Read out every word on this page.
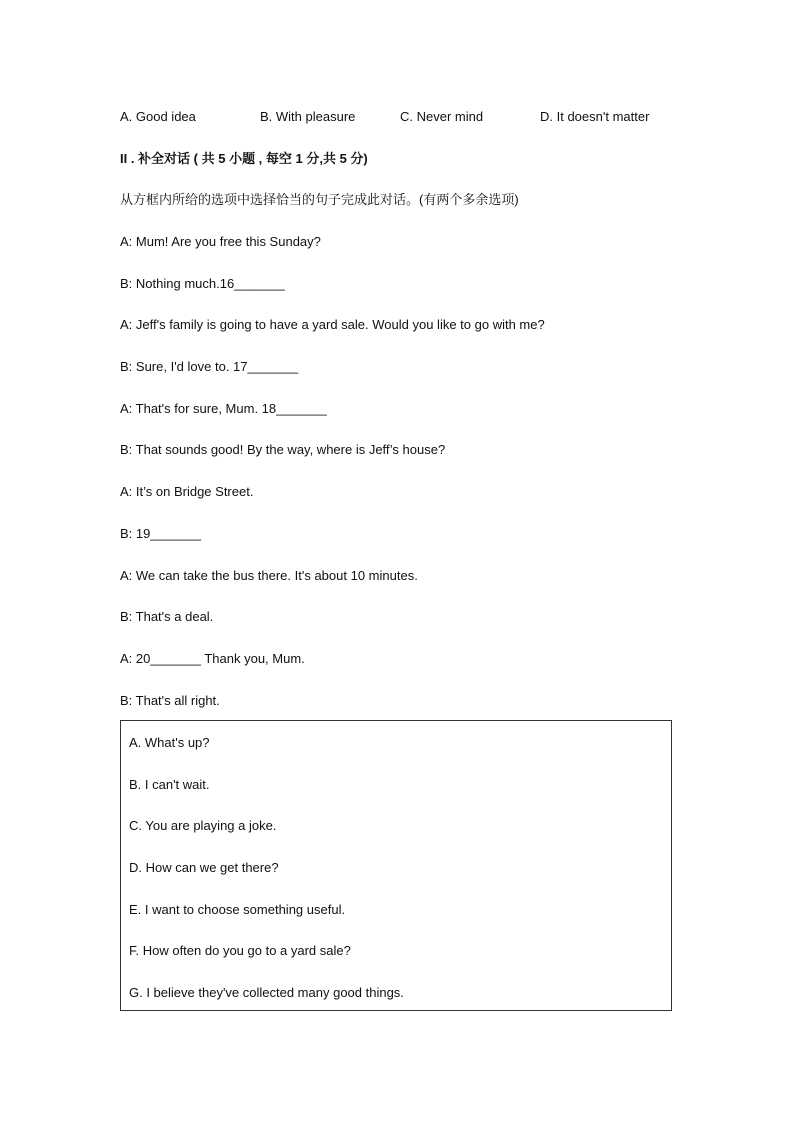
A. Good idea	B. With pleasure	C. Never mind	D. It doesn't matter
II . 补全对话 ( 共 5 小题 , 每空 1 分,共 5 分)
从方框内所给的选项中选择恰当的句子完成此对话。(有两个多余选项)
A: Mum! Are you free this Sunday?
B: Nothing much.16_______
A: Jeff's family is going to have a yard sale. Would you like to go with me?
B: Sure, I'd love to. 17_______
A: That's for sure, Mum. 18_______
B: That sounds good! By the way, where is Jeff’s house?
A: It’s on Bridge Street.
B: 19_______
A: We can take the bus there. It's about 10 minutes.
B: That's a deal.
A: 20_______ Thank you, Mum.
B: That's all right.
A. What's up?
B. I can't wait.
C. You are playing a joke.
D. How can we get there?
E. I want to choose something useful.
F. How often do you go to a yard sale?
G. I believe they've collected many good things.
